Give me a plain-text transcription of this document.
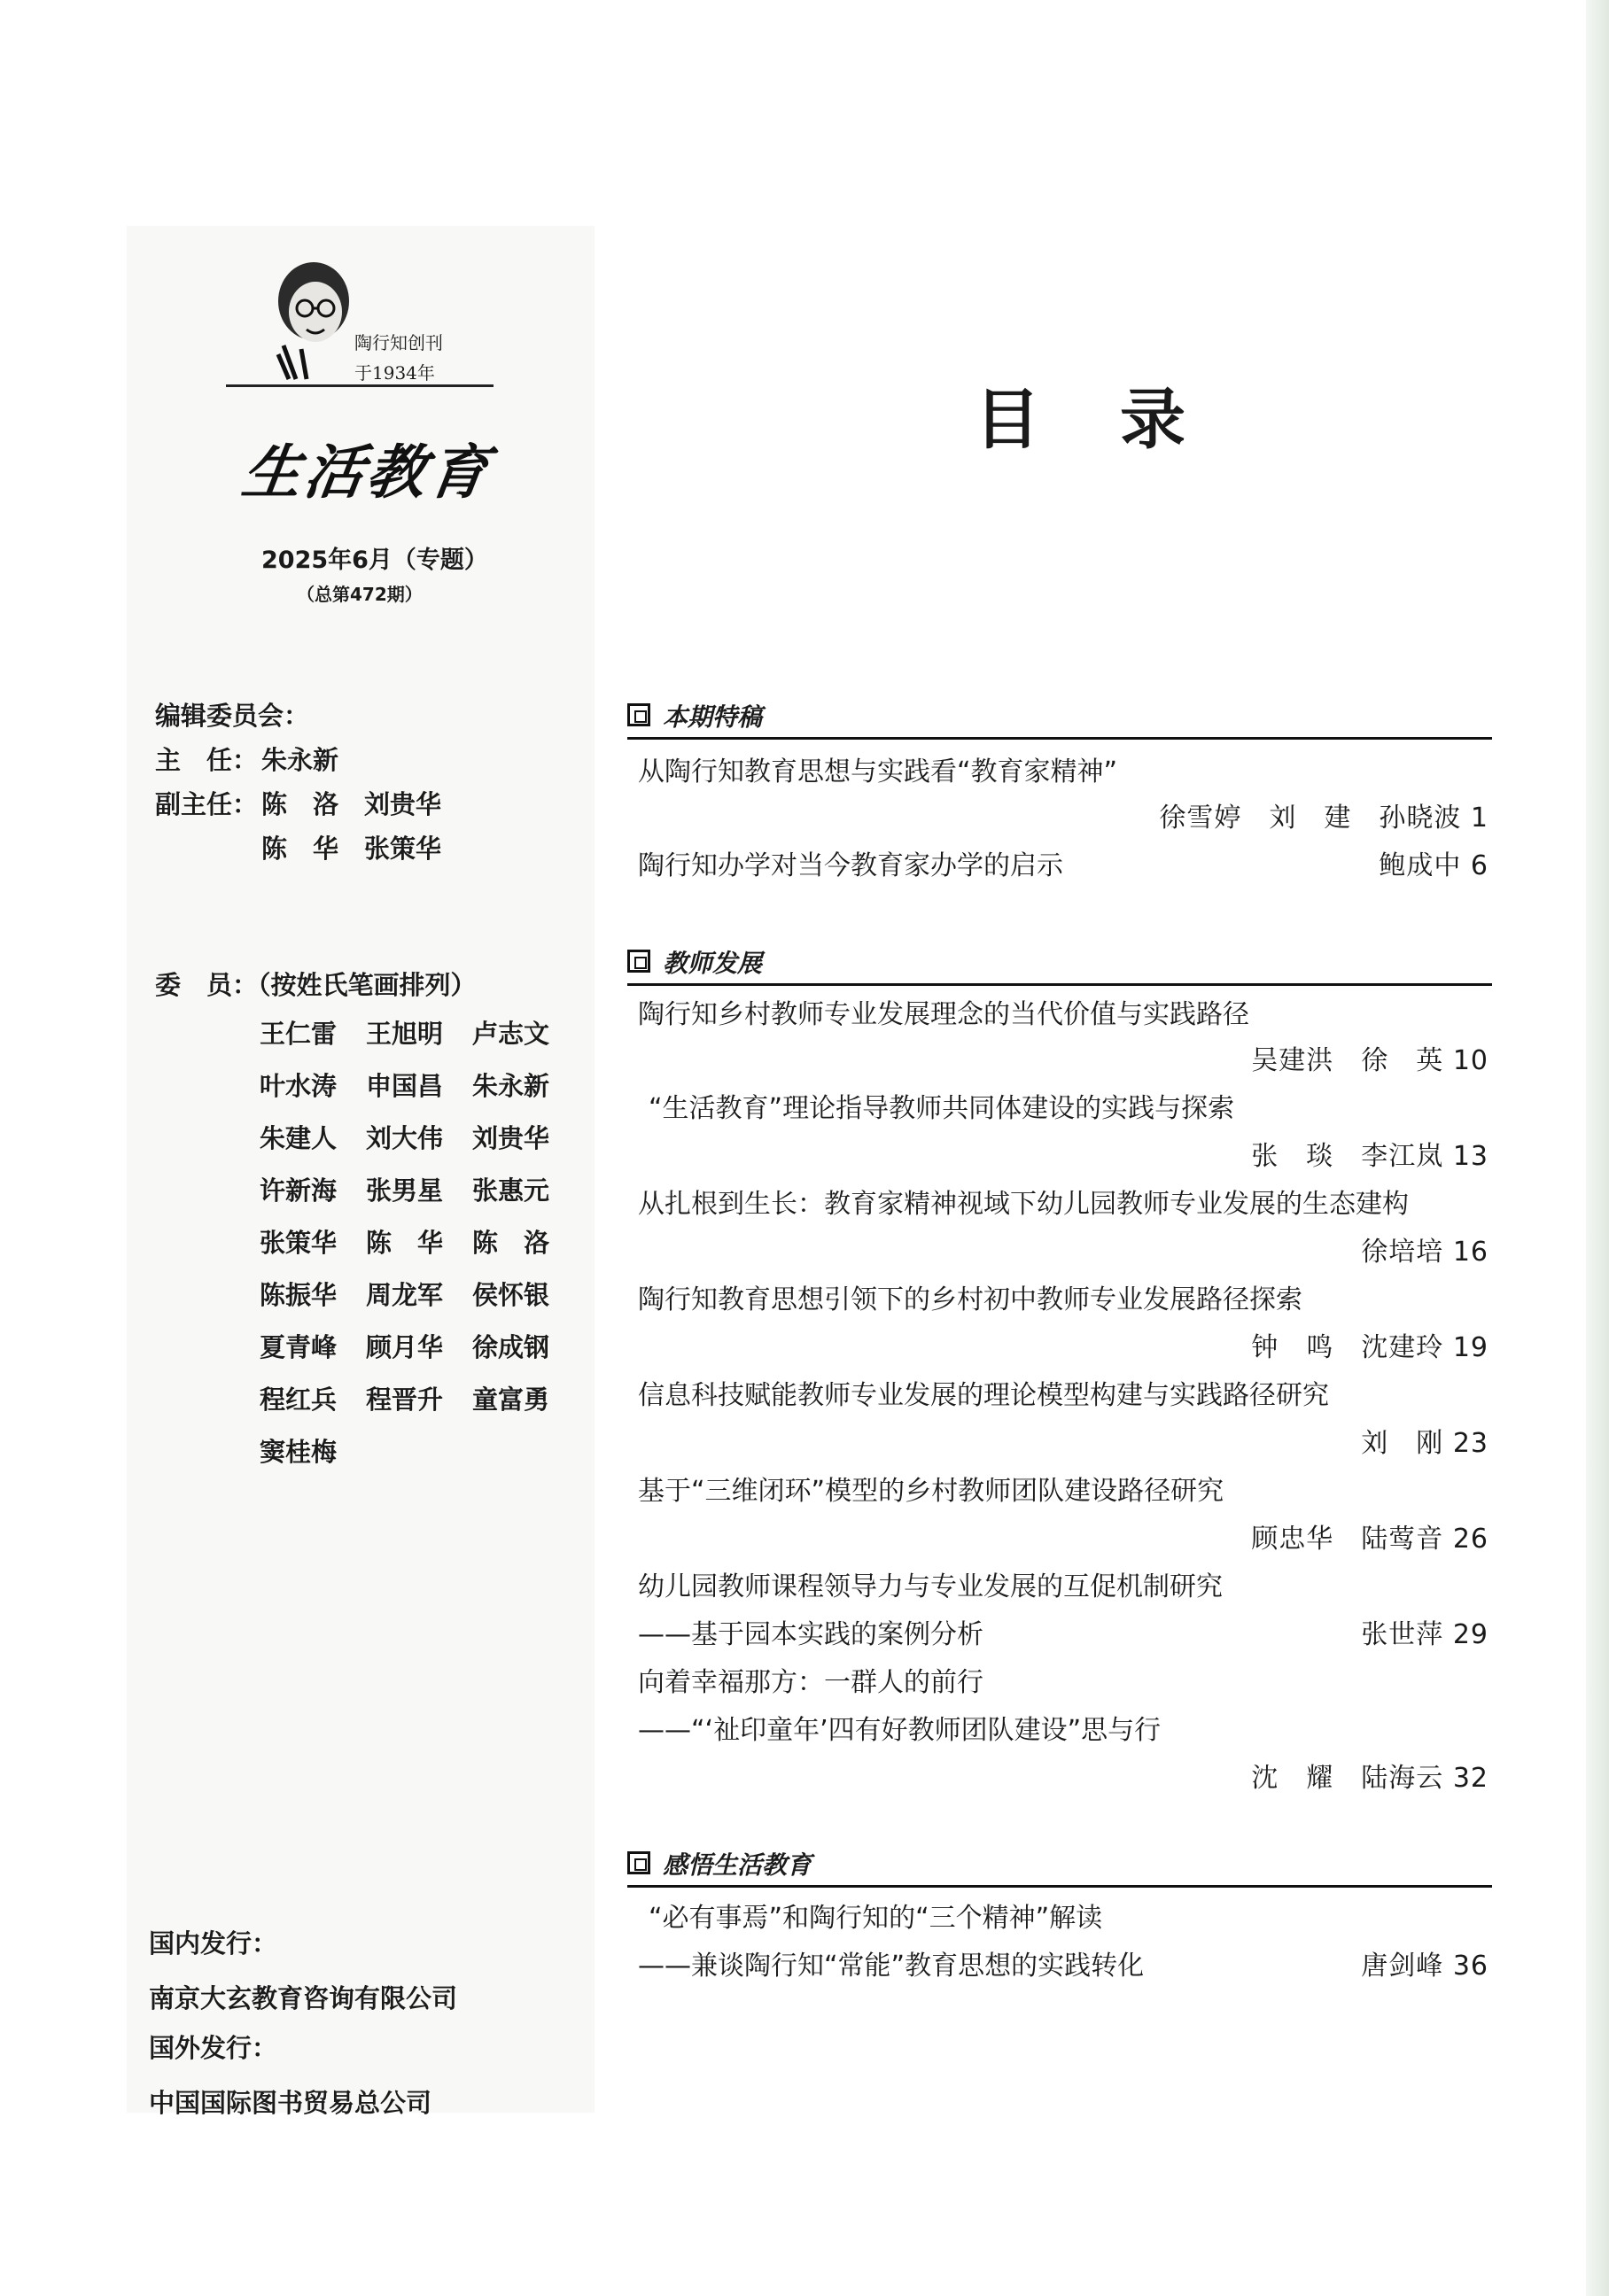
陶行知创刊
于1934年
生活教育
2025年6月（专题）
（总第472期）
编辑委员会：
主　任： 朱永新
副主任： 陈　洛　刘贵华
陈　华　张策华
委　员：（按姓氏笔画排列）
王仁雷	王旭明	卢志文
叶水涛	申国昌	朱永新
朱建人	刘大伟	刘贵华
许新海	张男星	张惠元
张策华	陈　华	陈　洛
陈振华	周龙军	侯怀银
夏青峰	顾月华	徐成钢
程红兵	程晋升	童富勇
窦桂梅
国内发行：
南京大玄教育咨询有限公司
国外发行：
中国国际图书贸易总公司
目录
本期特稿
从陶行知教育思想与实践看“教育家精神”
徐雪婷　刘　建　孙晓波 1
陶行知办学对当今教育家办学的启示	鲍成中 6
教师发展
陶行知乡村教师专业发展理念的当代价值与实践路径
吴建洪　徐　英 10
“生活教育”理论指导教师共同体建设的实践与探索
张　琰　李江岚 13
从扎根到生长：教育家精神视域下幼儿园教师专业发展的生态建构
徐培培 16
陶行知教育思想引领下的乡村初中教师专业发展路径探索
钟　鸣　沈建玲 19
信息科技赋能教师专业发展的理论模型构建与实践路径研究
刘　刚 23
基于“三维闭环”模型的乡村教师团队建设路径研究
顾忠华　陆莺音 26
幼儿园教师课程领导力与专业发展的互促机制研究
——基于园本实践的案例分析	张世萍 29
向着幸福那方：一群人的前行
——“‘祉印童年’四有好教师团队建设”思与行
沈　耀　陆海云 32
感悟生活教育
“必有事焉”和陶行知的“三个精神”解读
——兼谈陶行知“常能”教育思想的实践转化	唐剑峰 36
